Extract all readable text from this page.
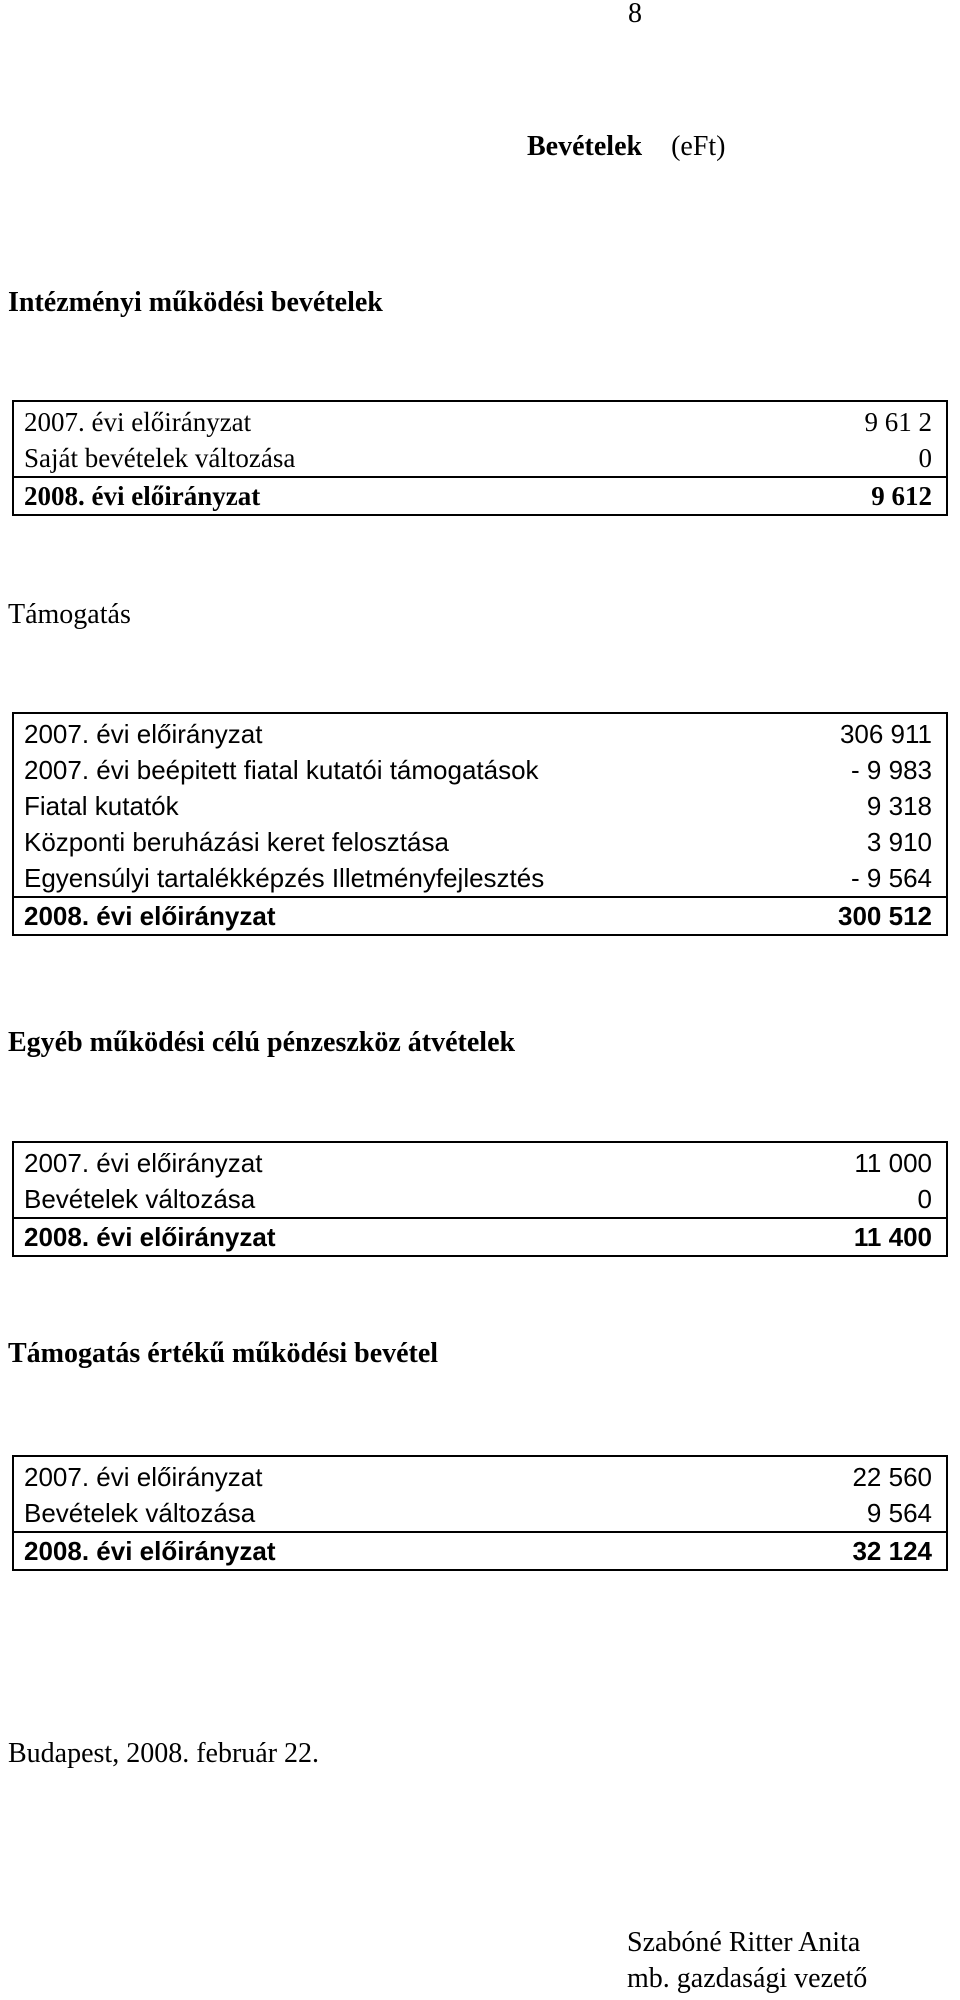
8
Bevételek (eFt)
Intézményi működési bevételek
2007. évi előirányzat	9 61 2
Saját bevételek változása	0
2008. évi előirányzat	9 612
Támogatás
2007. évi előirányzat	306 911
2007. évi beépitett fiatal kutatói támogatások	- 9 983
Fiatal kutatók	9 318
Központi beruházási keret felosztása	3 910
Egyensúlyi tartalékképzés Illetményfejlesztés	- 9 564
2008. évi előirányzat	300 512
Egyéb működési célú pénzeszköz átvételek
2007. évi előirányzat	11 000
Bevételek változása	0
2008. évi előirányzat	11 400
Támogatás értékű működési bevétel
2007. évi előirányzat	22 560
Bevételek változása	9 564
2008. évi előirányzat	32 124
Budapest, 2008. február 22.
Szabóné Ritter Anita
mb. gazdasági vezető
